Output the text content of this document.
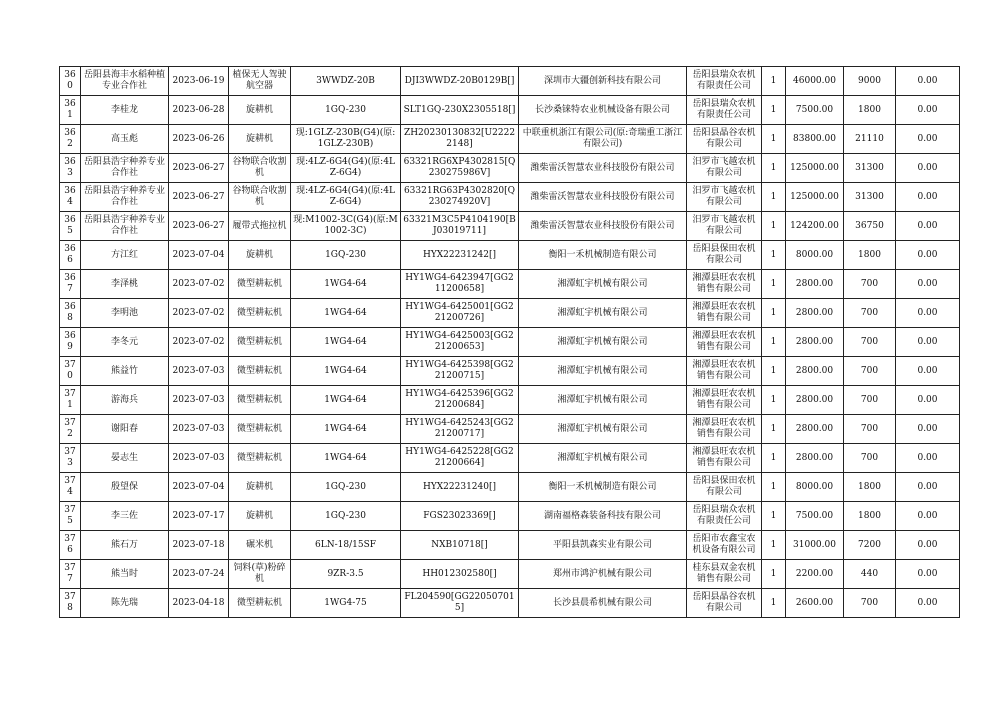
360	岳阳县海丰水稻种植专业合作社	2023-06-19	植保无人驾驶航空器	3WWDZ-20B	DJI3WWDZ-20B0129B[]	深圳市大疆创新科技有限公司	岳阳县瑞众农机有限责任公司	1	46000.00	9000	0.00
361	李桂龙	2023-06-28	旋耕机	1GQ-230	SLT1GQ-230X2305518[]	长沙桑铼特农业机械设备有限公司	岳阳县瑞众农机有限责任公司	1	7500.00	1800	0.00
362	高玉彪	2023-06-26	旋耕机	现:1GLZ-230B(G4)(原:1GLZ-230B)	ZH20230130832[U22222148]	中联重机浙江有限公司(原:奇瑞重工浙江有限公司)	岳阳县晶谷农机有限公司	1	83800.00	21110	0.00
363	岳阳县浩宇种养专业合作社	2023-06-27	谷物联合收割机	现:4LZ-6G4(G4)(原:4LZ-6G4)	63321RG6XP4302815[Q230275986V]	潍柴雷沃智慧农业科技股份有限公司	汨罗市飞越农机有限公司	1	125000.00	31300	0.00
364	岳阳县浩宇种养专业合作社	2023-06-27	谷物联合收割机	现:4LZ-6G4(G4)(原:4LZ-6G4)	63321RG63P4302820[Q230274920V]	潍柴雷沃智慧农业科技股份有限公司	汨罗市飞越农机有限公司	1	125000.00	31300	0.00
365	岳阳县浩宇种养专业合作社	2023-06-27	履带式拖拉机	现:M1002-3C(G4)(原:M1002-3C)	63321M3C5P4104190[BJ03019711]	潍柴雷沃智慧农业科技股份有限公司	汨罗市飞越农机有限公司	1	124200.00	36750	0.00
366	方江红	2023-07-04	旋耕机	1GQ-230	HYX22231242[]	衡阳一禾机械制造有限公司	岳阳县保田农机有限公司	1	8000.00	1800	0.00
367	李泽桃	2023-07-02	微型耕耘机	1WG4-64	HY1WG4-6423947[GG211200658]	湘潭虹宇机械有限公司	湘潭县旺农农机销售有限公司	1	2800.00	700	0.00
368	李明池	2023-07-02	微型耕耘机	1WG4-64	HY1WG4-6425001[GG221200726]	湘潭虹宇机械有限公司	湘潭县旺农农机销售有限公司	1	2800.00	700	0.00
369	李冬元	2023-07-02	微型耕耘机	1WG4-64	HY1WG4-6425003[GG221200653]	湘潭虹宇机械有限公司	湘潭县旺农农机销售有限公司	1	2800.00	700	0.00
370	熊益竹	2023-07-03	微型耕耘机	1WG4-64	HY1WG4-6425398[GG221200715]	湘潭虹宇机械有限公司	湘潭县旺农农机销售有限公司	1	2800.00	700	0.00
371	游海兵	2023-07-03	微型耕耘机	1WG4-64	HY1WG4-6425396[GG221200684]	湘潭虹宇机械有限公司	湘潭县旺农农机销售有限公司	1	2800.00	700	0.00
372	谢阳春	2023-07-03	微型耕耘机	1WG4-64	HY1WG4-6425243[GG221200717]	湘潭虹宇机械有限公司	湘潭县旺农农机销售有限公司	1	2800.00	700	0.00
373	晏志生	2023-07-03	微型耕耘机	1WG4-64	HY1WG4-6425228[GG221200664]	湘潭虹宇机械有限公司	湘潭县旺农农机销售有限公司	1	2800.00	700	0.00
374	殷望保	2023-07-04	旋耕机	1GQ-230	HYX22231240[]	衡阳一禾机械制造有限公司	岳阳县保田农机有限公司	1	8000.00	1800	0.00
375	李三佐	2023-07-17	旋耕机	1GQ-230	FGS23023369[]	湖南福格森装备科技有限公司	岳阳县瑞众农机有限责任公司	1	7500.00	1800	0.00
376	熊石万	2023-07-18	碾米机	6LN-18/15SF	NXB10718[]	平阳县凯森实业有限公司	岳阳市农鑫宝农机设备有限公司	1	31000.00	7200	0.00
377	熊当时	2023-07-24	饲料(草)粉碎机	9ZR-3.5	HH012302580[]	郑州市鸿沪机械有限公司	桂东县双金农机销售有限公司	1	2200.00	440	0.00
378	陈先瑞	2023-04-18	微型耕耘机	1WG4-75	FL204590[GG220507015]	长沙县晨希机械有限公司	岳阳县晶谷农机有限公司	1	2600.00	700	0.00
